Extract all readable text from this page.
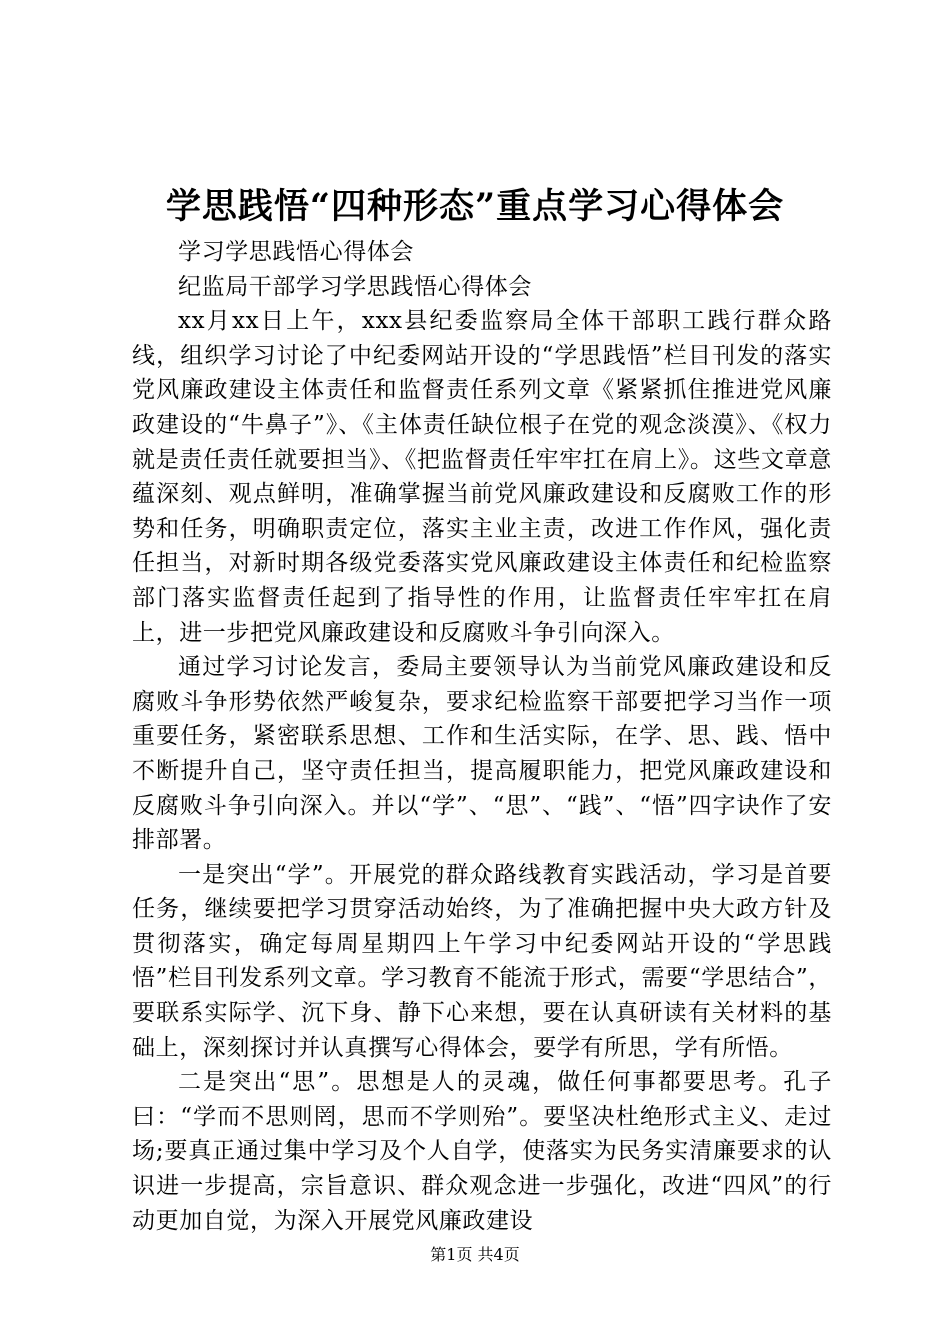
学思践悟“四种形态”重点学习心得体会

学习学思践悟心得体会

纪监局干部学习学思践悟心得体会

xx月xx日上午，xxx县纪委监察局全体干部职工践行群众路线，组织学习讨论了中纪委网站开设的“学思践悟”栏目刊发的落实党风廉政建设主体责任和监督责任系列文章《紧紧抓住推进党风廉政建设的“牛鼻子”》、《主体责任缺位根子在党的观念淡漠》、《权力就是责任责任就要担当》、《把监督责任牢牢扛在肩上》。这些文章意蕴深刻、观点鲜明，准确掌握当前党风廉政建设和反腐败工作的形势和任务，明确职责定位，落实主业主责，改进工作作风，强化责任担当，对新时期各级党委落实党风廉政建设主体责任和纪检监察部门落实监督责任起到了指导性的作用，让监督责任牢牢扛在肩上，进一步把党风廉政建设和反腐败斗争引向深入。

通过学习讨论发言，委局主要领导认为当前党风廉政建设和反腐败斗争形势依然严峻复杂，要求纪检监察干部要把学习当作一项重要任务，紧密联系思想、工作和生活实际，在学、思、践、悟中不断提升自己，坚守责任担当，提高履职能力，把党风廉政建设和反腐败斗争引向深入。并以“学”、“思”、“践”、“悟”四字诀作了安排部署。

一是突出“学”。开展党的群众路线教育实践活动，学习是首要任务，继续要把学习贯穿活动始终，为了准确把握中央大政方针及贯彻落实，确定每周星期四上午学习中纪委网站开设的“学思践悟”栏目刊发系列文章。学习教育不能流于形式，需要“学思结合”，要联系实际学、沉下身、静下心来想，要在认真研读有关材料的基础上，深刻探讨并认真撰写心得体会，要学有所思，学有所悟。

二是突出“思”。思想是人的灵魂，做任何事都要思考。孔子曰：“学而不思则罔，思而不学则殆”。要坚决杜绝形式主义、走过场;要真正通过集中学习及个人自学，使落实为民务实清廉要求的认识进一步提高，宗旨意识、群众观念进一步强化，改进“四风”的行动更加自觉，为深入开展党风廉政建设

第1页 共4页
